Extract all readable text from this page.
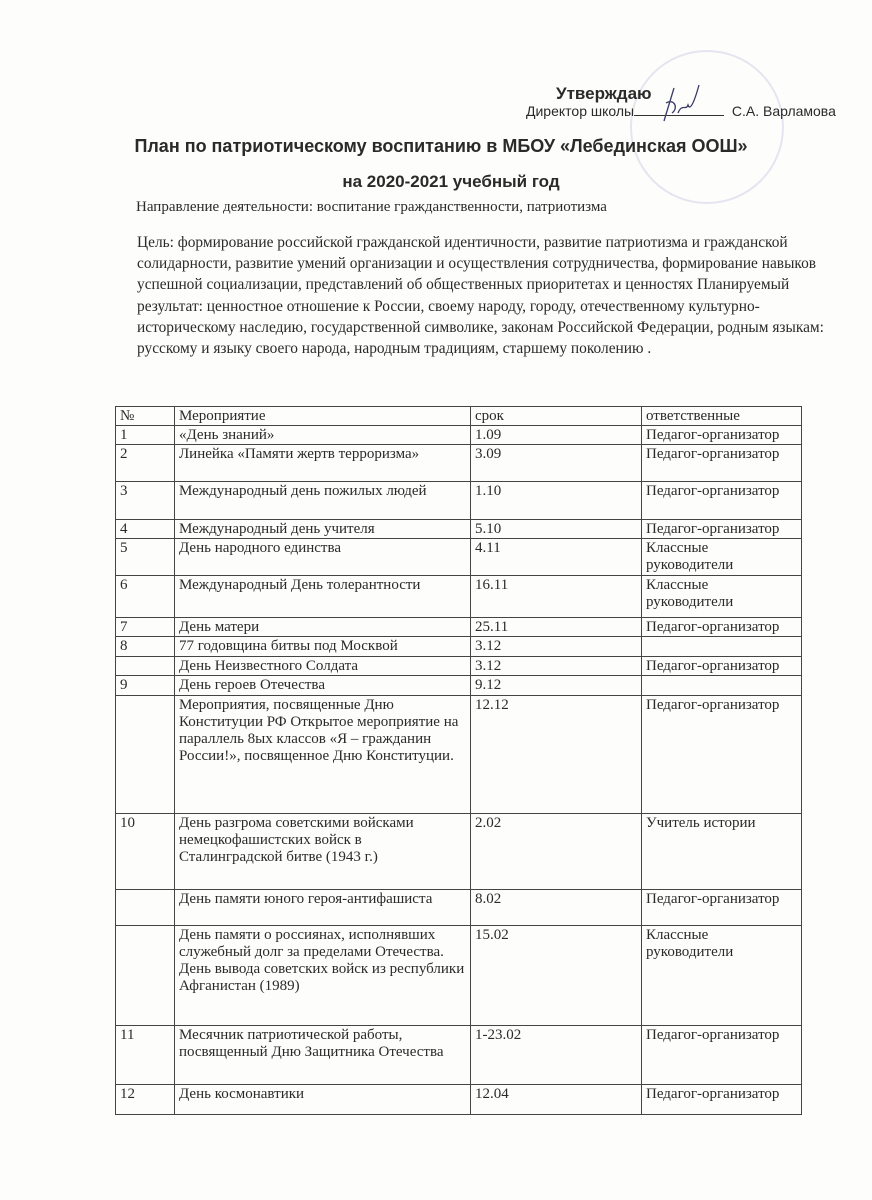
Утверждаю
Директор школы	С.А. Варламова
План по патриотическому воспитанию в МБОУ «Лебединская ООШ»
на 2020-2021 учебный год
Направление деятельности: воспитание гражданственности, патриотизма
Цель: формирование российской гражданской идентичности, развитие патриотизма и гражданской солидарности, развитие умений организации и осуществления сотрудничества, формирование навыков успешной социализации, представлений об общественных приоритетах и ценностях Планируемый результат: ценностное отношение к России, своему народу, городу, отечественному культурно-историческому наследию, государственной символике, законам Российской Федерации, родным языкам: русскому и языку своего народа, народным традициям, старшему поколению .
№	Мероприятие	срок	ответственные
1	«День знаний»	1.09	Педагог-организатор
2	Линейка «Памяти жертв терроризма»	3.09	Педагог-организатор
3	Международный день пожилых людей	1.10	Педагог-организатор
4	Международный день учителя	5.10	Педагог-организатор
5	День народного единства	4.11	Классные руководители
6	Международный День толерантности	16.11	Классные руководители
7	День матери	25.11	Педагог-организатор
8	77 годовщина битвы под Москвой	3.12	
	День Неизвестного Солдата	3.12	Педагог-организатор
9	День героев Отечества	9.12	
	Мероприятия, посвященные Дню Конституции РФ Открытое мероприятие на параллель 8ых классов «Я – гражданин России!», посвященное Дню Конституции.	12.12	Педагог-организатор
10	День разгрома советскими войсками немецкофашистских войск в Сталинградской битве (1943 г.)	2.02	Учитель истории
	День памяти юного героя-антифашиста	8.02	Педагог-организатор
	День памяти о россиянах, исполнявших служебный долг за пределами Отечества. День вывода советских войск из республики Афганистан (1989)	15.02	Классные руководители
11	Месячник патриотической работы, посвященный Дню Защитника Отечества	1-23.02	Педагог-организатор
12	День космонавтики	12.04	Педагог-организатор
